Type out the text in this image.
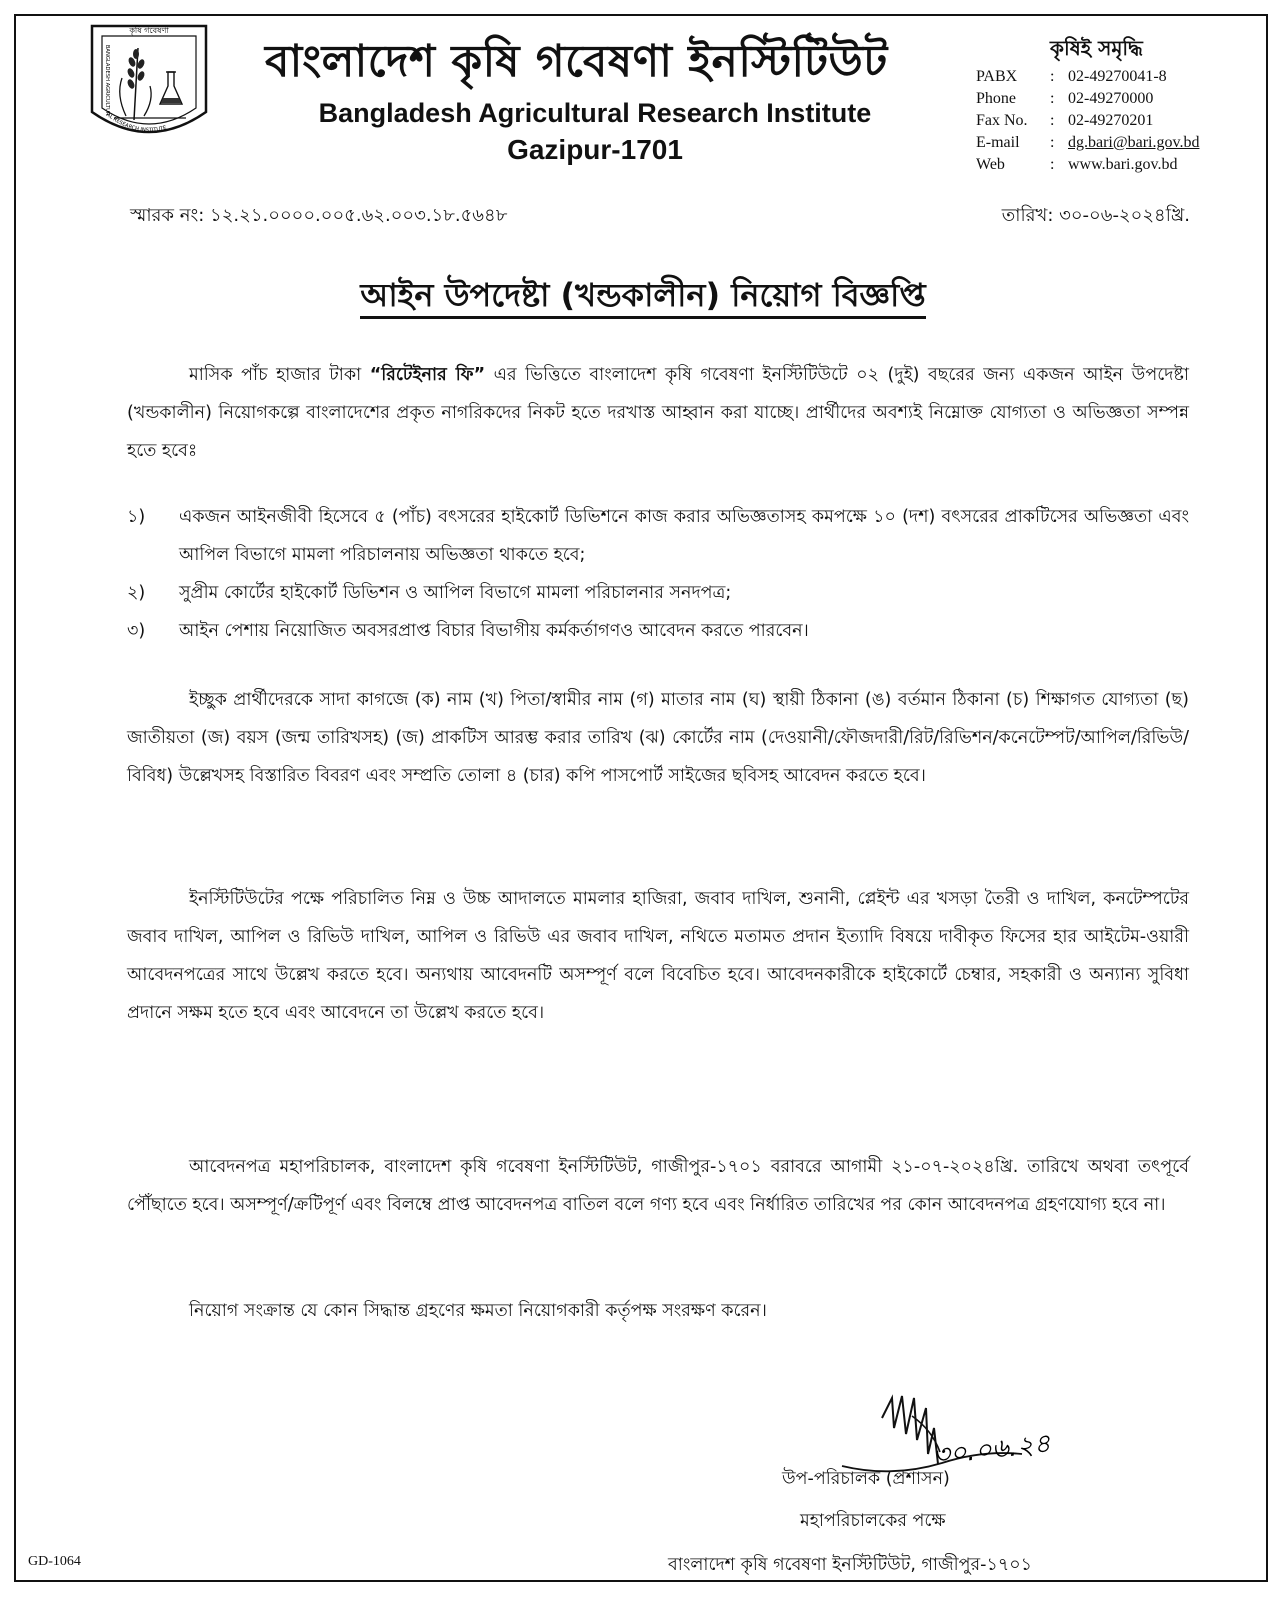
কৃষি গবেষণা
BANGLADESH AGRICULTURAL RESEARCH INSTITUTE
বাংলাদেশ কৃষি গবেষণা ইনস্টিটিউট
Bangladesh Agricultural Research Institute
Gazipur-1701
কৃষিই সমৃদ্ধি
PABX	: 02-49270041-8
Phone	: 02-49270000
Fax No.	: 02-49270201
E-mail	: dg.bari@bari.gov.bd
Web	: www.bari.gov.bd
স্মারক নং: ১২.২১.০০০০.০০৫.৬২.০০৩.১৮.৫৬৪৮	তারিখ: ৩০-০৬-২০২৪খ্রি.
আইন উপদেষ্টা (খন্ডকালীন) নিয়োগ বিজ্ঞপ্তি
মাসিক পাঁচ হাজার টাকা “রিটেইনার ফি” এর ভিত্তিতে বাংলাদেশ কৃষি গবেষণা ইনস্টিটিউটে ০২ (দুই) বছরের জন্য একজন আইন উপদেষ্টা (খন্ডকালীন) নিয়োগকল্পে বাংলাদেশের প্রকৃত নাগরিকদের নিকট হতে দরখাস্ত আহ্বান করা যাচ্ছে। প্রার্থীদের অবশ্যই নিম্নোক্ত যোগ্যতা ও অভিজ্ঞতা সম্পন্ন হতে হবেঃ
১)	একজন আইনজীবী হিসেবে ৫ (পাঁচ) বৎসরের হাইকোর্ট ডিভিশনে কাজ করার অভিজ্ঞতাসহ কমপক্ষে ১০ (দশ) বৎসরের প্রাকটিসের অভিজ্ঞতা এবং আপিল বিভাগে মামলা পরিচালনায় অভিজ্ঞতা থাকতে হবে;
২)	সুপ্রীম কোর্টের হাইকোর্ট ডিভিশন ও আপিল বিভাগে মামলা পরিচালনার সনদপত্র;
৩)	আইন পেশায় নিয়োজিত অবসরপ্রাপ্ত বিচার বিভাগীয় কর্মকর্তাগণও আবেদন করতে পারবেন।
ইচ্ছুক প্রার্থীদেরকে সাদা কাগজে (ক) নাম (খ) পিতা/স্বামীর নাম (গ) মাতার নাম (ঘ) স্থায়ী ঠিকানা (ঙ) বর্তমান ঠিকানা (চ) শিক্ষাগত যোগ্যতা (ছ) জাতীয়তা (জ) বয়স (জন্ম তারিখসহ) (জ) প্রাকটিস আরম্ভ করার তারিখ (ঝ) কোর্টের নাম (দেওয়ানী/ফৌজদারী/রিট/রিভিশন/কনেটেম্পট/আপিল/রিভিউ/বিবিধ) উল্লেখসহ বিস্তারিত বিবরণ এবং সম্প্রতি তোলা ৪ (চার) কপি পাসপোর্ট সাইজের ছবিসহ আবেদন করতে হবে।
ইনস্টিটিউটের পক্ষে পরিচালিত নিম্ন ও উচ্চ আদালতে মামলার হাজিরা, জবাব দাখিল, শুনানী, প্লেইন্ট এর খসড়া তৈরী ও দাখিল, কনটেম্পটের জবাব দাখিল, আপিল ও রিভিউ দাখিল, আপিল ও রিভিউ এর জবাব দাখিল, নথিতে মতামত প্রদান ইত্যাদি বিষয়ে দাবীকৃত ফিসের হার আইটেম-ওয়ারী আবেদনপত্রের সাথে উল্লেখ করতে হবে। অন্যথায় আবেদনটি অসম্পূর্ণ বলে বিবেচিত হবে। আবেদনকারীকে হাইকোর্টে চেম্বার, সহকারী ও অন্যান্য সুবিধা প্রদানে সক্ষম হতে হবে এবং আবেদনে তা উল্লেখ করতে হবে।
আবেদনপত্র মহাপরিচালক, বাংলাদেশ কৃষি গবেষণা ইনস্টিটিউট, গাজীপুর-১৭০১ বরাবরে আগামী ২১-০৭-২০২৪খ্রি. তারিখে অথবা তৎপূর্বে পৌঁছাতে হবে। অসম্পূর্ণ/ক্রটিপূর্ণ এবং বিলম্বে প্রাপ্ত আবেদনপত্র বাতিল বলে গণ্য হবে এবং নির্ধারিত তারিখের পর কোন আবেদনপত্র গ্রহণযোগ্য হবে না।
নিয়োগ সংক্রান্ত যে কোন সিদ্ধান্ত গ্রহণের ক্ষমতা নিয়োগকারী কর্তৃপক্ষ সংরক্ষণ করেন।
৩০.০৬.২৪
উপ-পরিচালক (প্রশাসন)
মহাপরিচালকের পক্ষে
বাংলাদেশ কৃষি গবেষণা ইনস্টিটিউট, গাজীপুর-১৭০১
GD-1064
